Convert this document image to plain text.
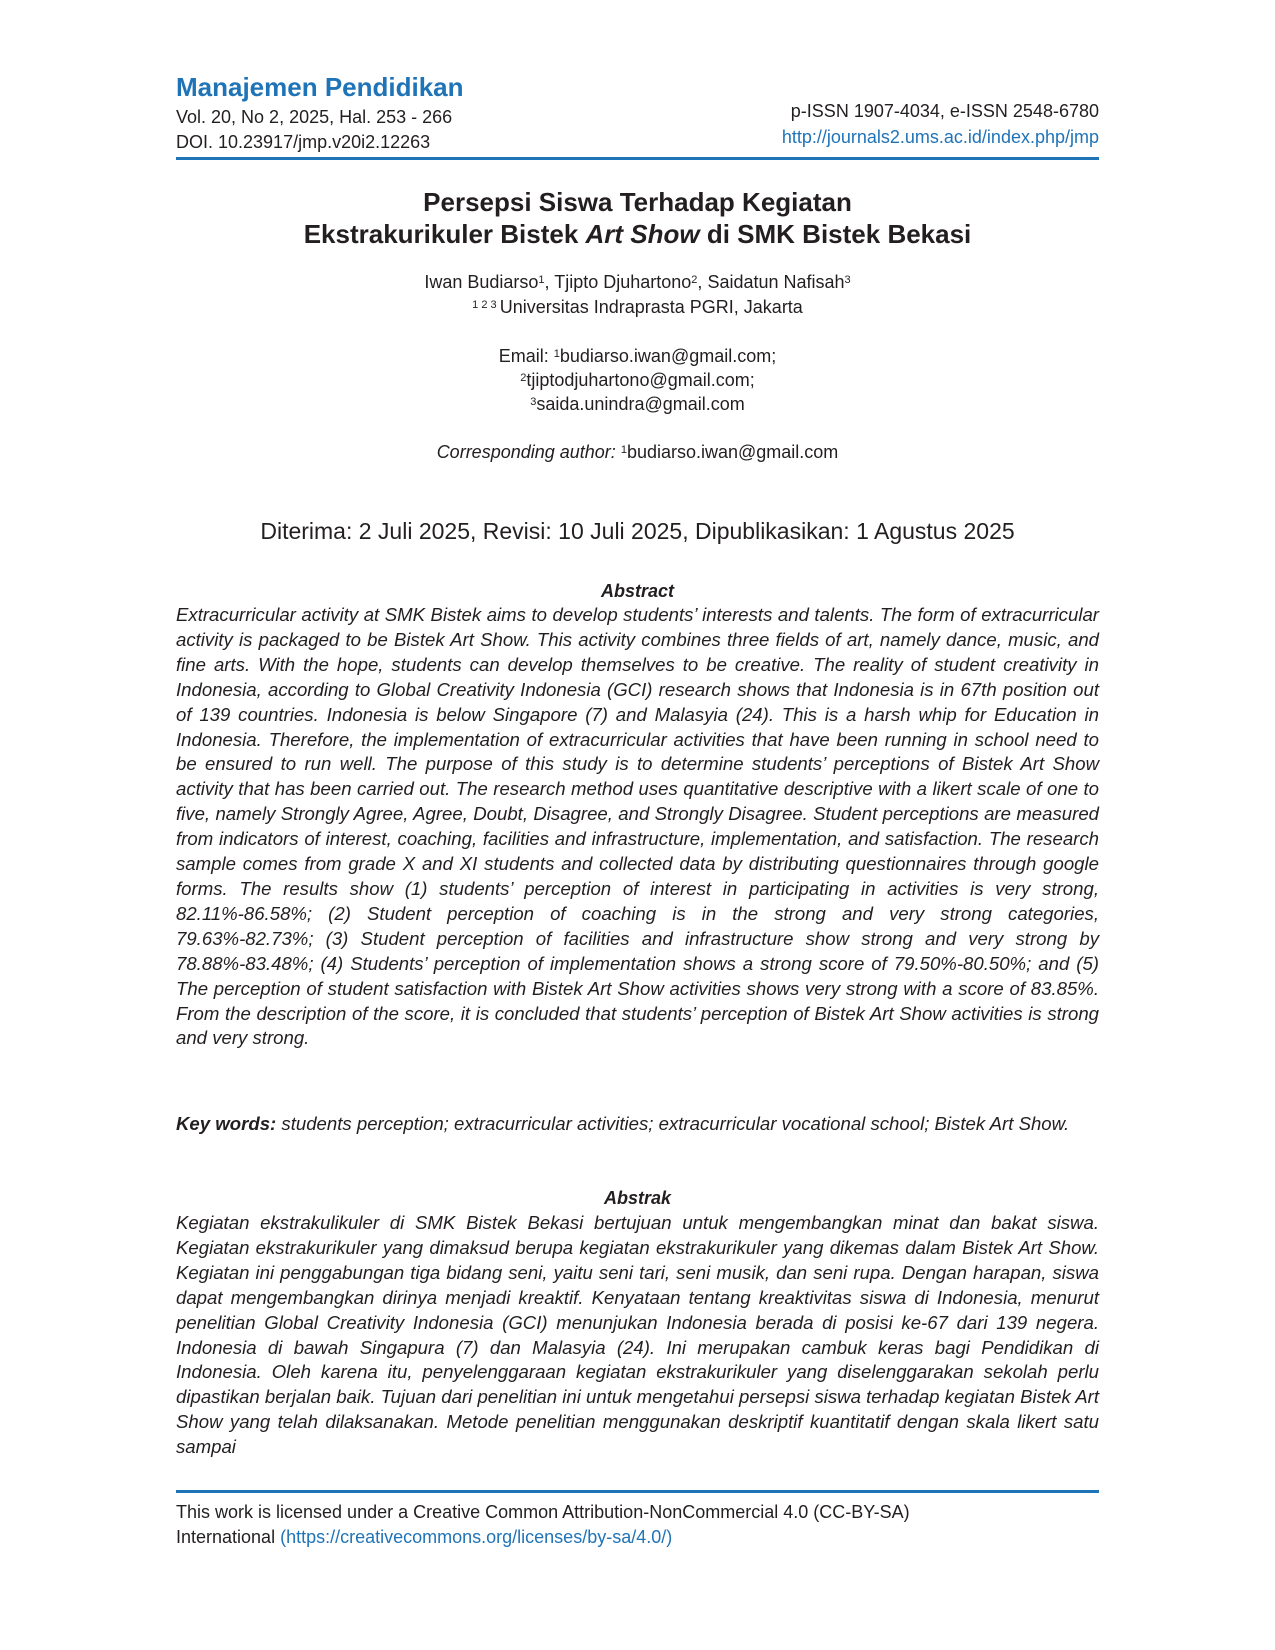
Manajemen Pendidikan
Vol. 20, No 2, 2025, Hal. 253 - 266
DOI. 10.23917/jmp.v20i2.12263
p-ISSN 1907-4034, e-ISSN 2548-6780
http://journals2.ums.ac.id/index.php/jmp
Persepsi Siswa Terhadap Kegiatan
Ekstrakurikuler Bistek Art Show di SMK Bistek Bekasi
Iwan Budiarso$^1$, Tjipto Djuhartono$^2$, Saidatun Nafisah$^3$
$^{1 2 3}$ Universitas Indraprasta PGRI, Jakarta
Email: $^1$budiarso.iwan@gmail.com;
$^2$tjiptodjuhartono@gmail.com;
$^3$saida.unindra@gmail.com
Corresponding author: $^1$budiarso.iwan@gmail.com
Diterima: 2 Juli 2025, Revisi: 10 Juli 2025, Dipublikasikan: 1 Agustus 2025
Abstract
Extracurricular activity at SMK Bistek aims to develop students’ interests and talents. The form of extracurricular activity is packaged to be Bistek Art Show. This activity combines three fields of art, namely dance, music, and fine arts. With the hope, students can develop themselves to be creative. The reality of student creativity in Indonesia, according to Global Creativity Indonesia (GCI) research shows that Indonesia is in 67th position out of 139 countries. Indonesia is below Singapore (7) and Malasyia (24). This is a harsh whip for Education in Indonesia. Therefore, the implementation of extracurricular activities that have been running in school need to be ensured to run well. The purpose of this study is to determine students’ perceptions of Bistek Art Show activity that has been carried out. The research method uses quantitative descriptive with a likert scale of one to five, namely Strongly Agree, Agree, Doubt, Disagree, and Strongly Disagree. Student perceptions are measured from indicators of interest, coaching, facilities and infrastructure, implementation, and satisfaction. The research sample comes from grade X and XI students and collected data by distributing questionnaires through google forms. The results show (1) students’ perception of interest in participating in activities is very strong, 82.11%-86.58%; (2) Student perception of coaching is in the strong and very strong categories, 79.63%-82.73%; (3) Student perception of facilities and infrastructure show strong and very strong by 78.88%-83.48%; (4) Students’ perception of implementation shows a strong score of 79.50%-80.50%; and (5) The perception of student satisfaction with Bistek Art Show activities shows very strong with a score of 83.85%. From the description of the score, it is concluded that students’ perception of Bistek Art Show activities is strong and very strong.
Key words: students perception; extracurricular activities; extracurricular vocational school; Bistek Art Show.
Abstrak
Kegiatan ekstrakulikuler di SMK Bistek Bekasi bertujuan untuk mengembangkan minat dan bakat siswa. Kegiatan ekstrakurikuler yang dimaksud berupa kegiatan ekstrakurikuler yang dikemas dalam Bistek Art Show. Kegiatan ini penggabungan tiga bidang seni, yaitu seni tari, seni musik, dan seni rupa. Dengan harapan, siswa dapat mengembangkan dirinya menjadi kreaktif. Kenyataan tentang kreaktivitas siswa di Indonesia, menurut penelitian Global Creativity Indonesia (GCI) menunjukan Indonesia berada di posisi ke-67 dari 139 negera. Indonesia di bawah Singapura (7) dan Malasyia (24). Ini merupakan cambuk keras bagi Pendidikan di Indonesia. Oleh karena itu, penyelenggaraan kegiatan ekstrakurikuler yang diselenggarakan sekolah perlu dipastikan berjalan baik. Tujuan dari penelitian ini untuk mengetahui persepsi siswa terhadap kegiatan Bistek Art Show yang telah dilaksanakan. Metode penelitian menggunakan deskriptif kuantitatif dengan skala likert satu sampai
This work is licensed under a Creative Common Attribution-NonCommercial 4.0 (CC-BY-SA)
International (https://creativecommons.org/licenses/by-sa/4.0/)
